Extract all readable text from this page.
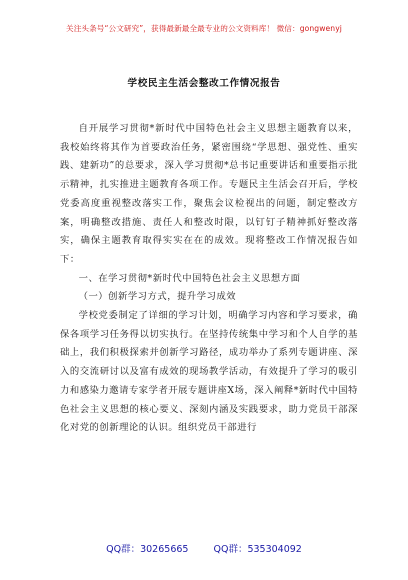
关注头条号“公文研究”，获得最新最全最专业的公文资料库！ 微信：gongwenyj
学校民主生活会整改工作情况报告

自开展学习贯彻*新时代中国特色社会主义思想主题教育以来，我校始终将其作为首要政治任务，紧密围绕“学思想、强党性、重实践、建新功”的总要求，深入学习贯彻*总书记重要讲话和重要指示批示精神，扎实推进主题教育各项工作。专题民主生活会召开后，学校党委高度重视整改落实工作，聚焦会议检视出的问题，制定整改方案，明确整改措施、责任人和整改时限，以钉钉子精神抓好整改落实，确保主题教育取得实实在在的成效。现将整改工作情况报告如下：

一、在学习贯彻*新时代中国特色社会主义思想方面

（一）创新学习方式，提升学习成效

学校党委制定了详细的学习计划，明确学习内容和学习要求，确保各项学习任务得以切实执行。在坚持传统集中学习和个人自学的基础上，我们积极探索并创新学习路径，成功举办了系列专题讲座、深入的交流研讨以及富有成效的现场教学活动，有效提升了学习的吸引力和感染力邀请专家学者开展专题讲座X场，深入阐释*新时代中国特色社会主义思想的核心要义、深刻内涵及实践要求，助力党员干部深化对党的创新理论的认识。组织党员干部进行

QQ群：30265665	QQ群：535304092
